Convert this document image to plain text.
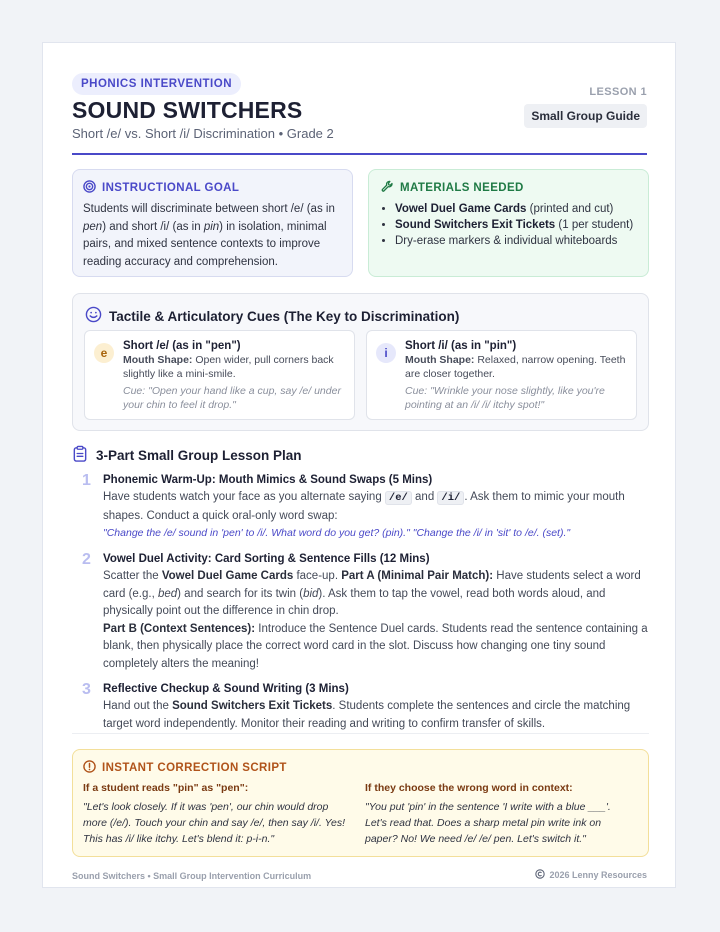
PHONICS INTERVENTION
SOUND SWITCHERS
Short /e/ vs. Short /i/ Discrimination • Grade 2
LESSON 1
Small Group Guide
INSTRUCTIONAL GOAL

Students will discriminate between short /e/ (as in pen) and short /i/ (as in pin) in isolation, minimal pairs, and mixed sentence contexts to improve reading accuracy and comprehension.

MATERIALS NEEDED
• Vowel Duel Game Cards (printed and cut)
• Sound Switchers Exit Tickets (1 per student)
• Dry-erase markers & individual whiteboards
Tactile & Articulatory Cues (The Key to Discrimination)
e	Short /e/ (as in "pen")
Mouth Shape: Open wider, pull corners back slightly like a mini-smile.
Cue: "Open your hand like a cup, say /e/ under your chin to feel it drop."
i	Short /i/ (as in "pin")
Mouth Shape: Relaxed, narrow opening. Teeth are closer together.
Cue: "Wrinkle your nose slightly, like you're pointing at an /i/ /i/ itchy spot!"
3-Part Small Group Lesson Plan
1 Phonemic Warm-Up: Mouth Mimics & Sound Swaps (5 Mins)

Have students watch your face as you alternate saying /e/ and /i/ . Ask them to mimic your mouth shapes. Conduct a quick oral-only word swap:

"Change the /e/ sound in 'pen' to /i/. What word do you get? (pin)." "Change the /i/ in 'sit' to /e/. (set)."
2 Vowel Duel Activity: Card Sorting & Sentence Fills (12 Mins)

Scatter the Vowel Duel Game Cards face-up. Part A (Minimal Pair Match): Have students select a word card (e.g., bed) and search for its twin (bid). Ask them to tap the vowel, read both words aloud, and physically point out the difference in chin drop.

Part B (Context Sentences): Introduce the Sentence Duel cards. Students read the sentence containing a blank, then physically place the correct word card in the slot. Discuss how changing one tiny sound completely alters the meaning!

3 Reflective Checkup & Sound Writing (3 Mins)

Hand out the Sound Switchers Exit Tickets. Students complete the sentences and circle the matching target word independently. Monitor their reading and writing to confirm transfer of skills.

INSTANT CORRECTION SCRIPT
If a student reads "pin" as "pen":
"Let's look closely. If it was 'pen', our chin would drop more (/e/). Touch your chin and say /e/, then say /i/. Yes! This has /i/ like itchy. Let's blend it: p-i-n."
If they choose the wrong word in context:
"You put 'pin' in the sentence 'I write with a blue ___'. Let's read that. Does a sharp metal pin write ink on paper? No! We need /e/ /e/ pen. Let's switch it."
Sound Switchers • Small Group Intervention Curriculum	2026 Lenny Resources
